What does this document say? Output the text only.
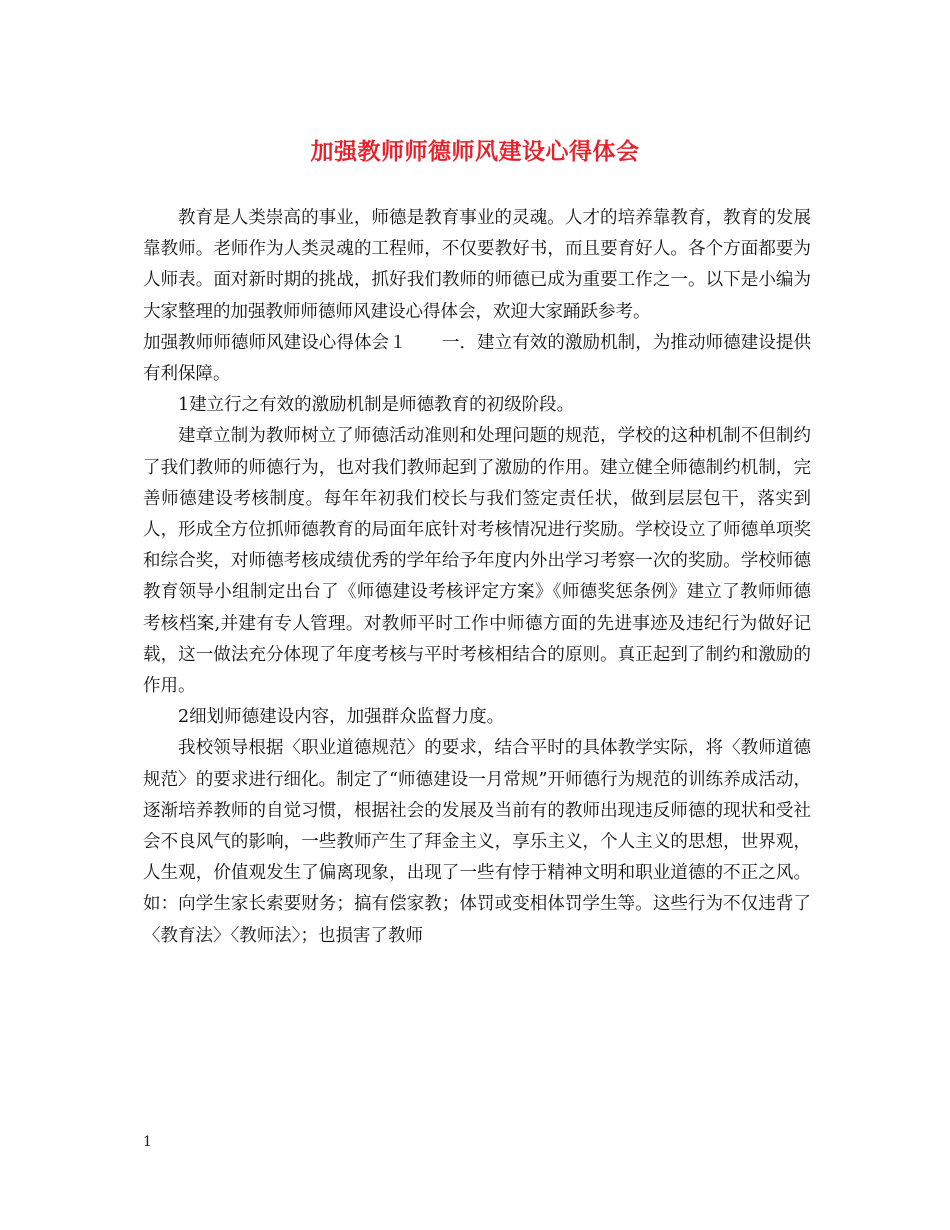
加强教师师德师风建设心得体会

教育是人类崇高的事业，师德是教育事业的灵魂。人才的培养靠教育，教育的发展靠教师。老师作为人类灵魂的工程师，不仅要教好书，而且要育好人。各个方面都要为人师表。面对新时期的挑战，抓好我们教师的师德已成为重要工作之一。以下是小编为大家整理的加强教师师德师风建设心得体会，欢迎大家踊跃参考。

加强教师师德师风建设心得体会１　　一．建立有效的激励机制，为推动师德建设提供有利保障。

1建立行之有效的激励机制是师德教育的初级阶段。

建章立制为教师树立了师德活动准则和处理问题的规范，学校的这种机制不但制约了我们教师的师德行为，也对我们教师起到了激励的作用。建立健全师德制约机制，完善师德建设考核制度。每年年初我们校长与我们签定责任状，做到层层包干，落实到人，形成全方位抓师德教育的局面年底针对考核情况进行奖励。学校设立了师德单项奖和综合奖，对师德考核成绩优秀的学年给予年度内外出学习考察一次的奖励。学校师德教育领导小组制定出台了《师德建设考核评定方案》《师德奖惩条例》建立了教师师德考核档案,并建有专人管理。对教师平时工作中师德方面的先进事迹及违纪行为做好记载，这一做法充分体现了年度考核与平时考核相结合的原则。真正起到了制约和激励的作用。

2细划师德建设内容，加强群众监督力度。

我校领导根据〈职业道德规范〉的要求，结合平时的具体教学实际，将〈教师道德规范〉的要求进行细化。制定了“师德建设一月常规”开师德行为规范的训练养成活动，逐渐培养教师的自觉习惯，根据社会的发展及当前有的教师出现违反师德的现状和受社会不良风气的影响，一些教师产生了拜金主义，享乐主义，个人主义的思想，世界观，人生观，价值观发生了偏离现象，出现了一些有悖于精神文明和职业道德的不正之风。如：向学生家长索要财务；搞有偿家教；体罚或变相体罚学生等。这些行为不仅违背了〈教育法〉〈教师法〉；也损害了教师

1
